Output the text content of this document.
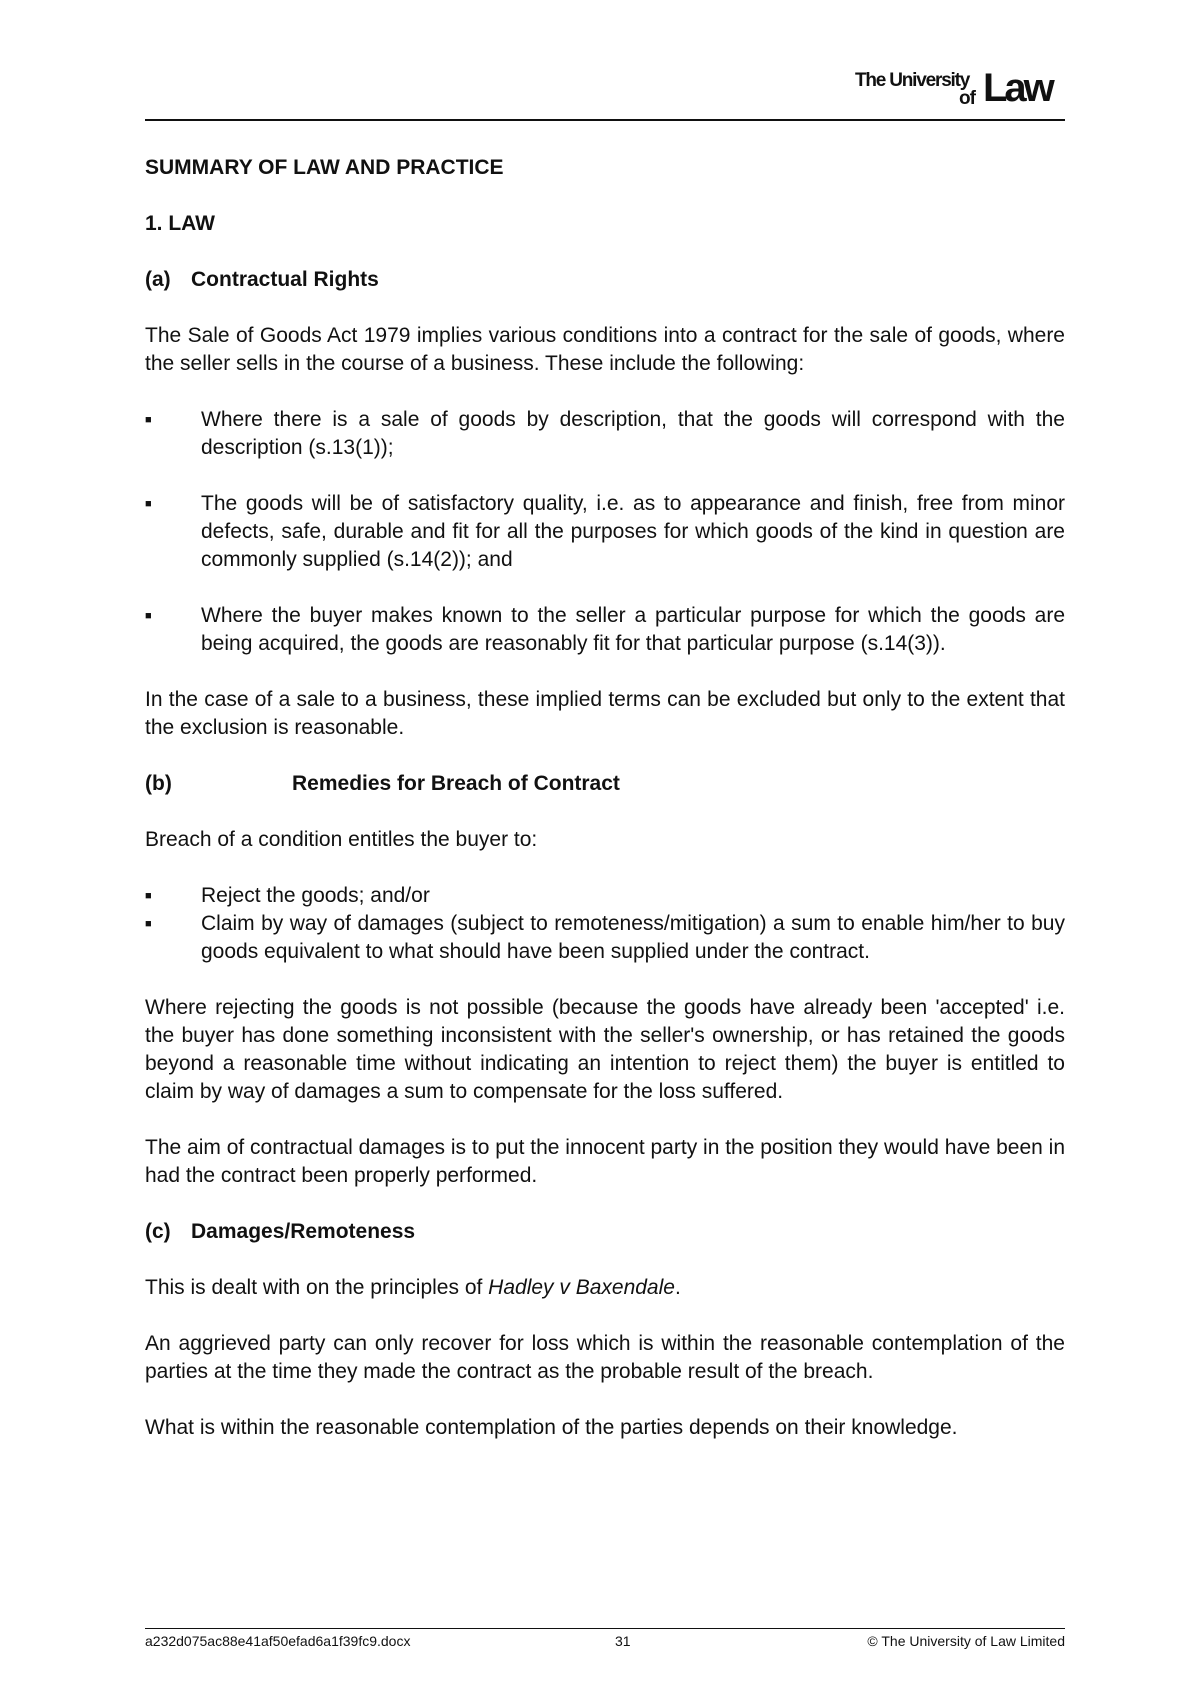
The University
of Law
SUMMARY OF LAW AND PRACTICE
1. LAW
(a) Contractual Rights
The Sale of Goods Act 1979 implies various conditions into a contract for the sale of goods, where the seller sells in the course of a business. These include the following:
■	Where there is a sale of goods by description, that the goods will correspond with the description (s.13(1));
■	The goods will be of satisfactory quality, i.e. as to appearance and finish, free from minor defects, safe, durable and fit for all the purposes for which goods of the kind in question are commonly supplied (s.14(2)); and
■	Where the buyer makes known to the seller a particular purpose for which the goods are being acquired, the goods are reasonably fit for that particular purpose (s.14(3)).
In the case of a sale to a business, these implied terms can be excluded but only to the extent that the exclusion is reasonable.
(b)	Remedies for Breach of Contract
Breach of a condition entitles the buyer to:
■	Reject the goods; and/or
■	Claim by way of damages (subject to remoteness/mitigation) a sum to enable him/her to buy goods equivalent to what should have been supplied under the contract.
Where rejecting the goods is not possible (because the goods have already been 'accepted' i.e. the buyer has done something inconsistent with the seller's ownership, or has retained the goods beyond a reasonable time without indicating an intention to reject them) the buyer is entitled to claim by way of damages a sum to compensate for the loss suffered.
The aim of contractual damages is to put the innocent party in the position they would have been in had the contract been properly performed.
(c) Damages/Remoteness
This is dealt with on the principles of Hadley v Baxendale.
An aggrieved party can only recover for loss which is within the reasonable contemplation of the parties at the time they made the contract as the probable result of the breach.
What is within the reasonable contemplation of the parties depends on their knowledge.
a232d075ac88e41af50efad6a1f39fc9.docx	31	© The University of Law Limited
